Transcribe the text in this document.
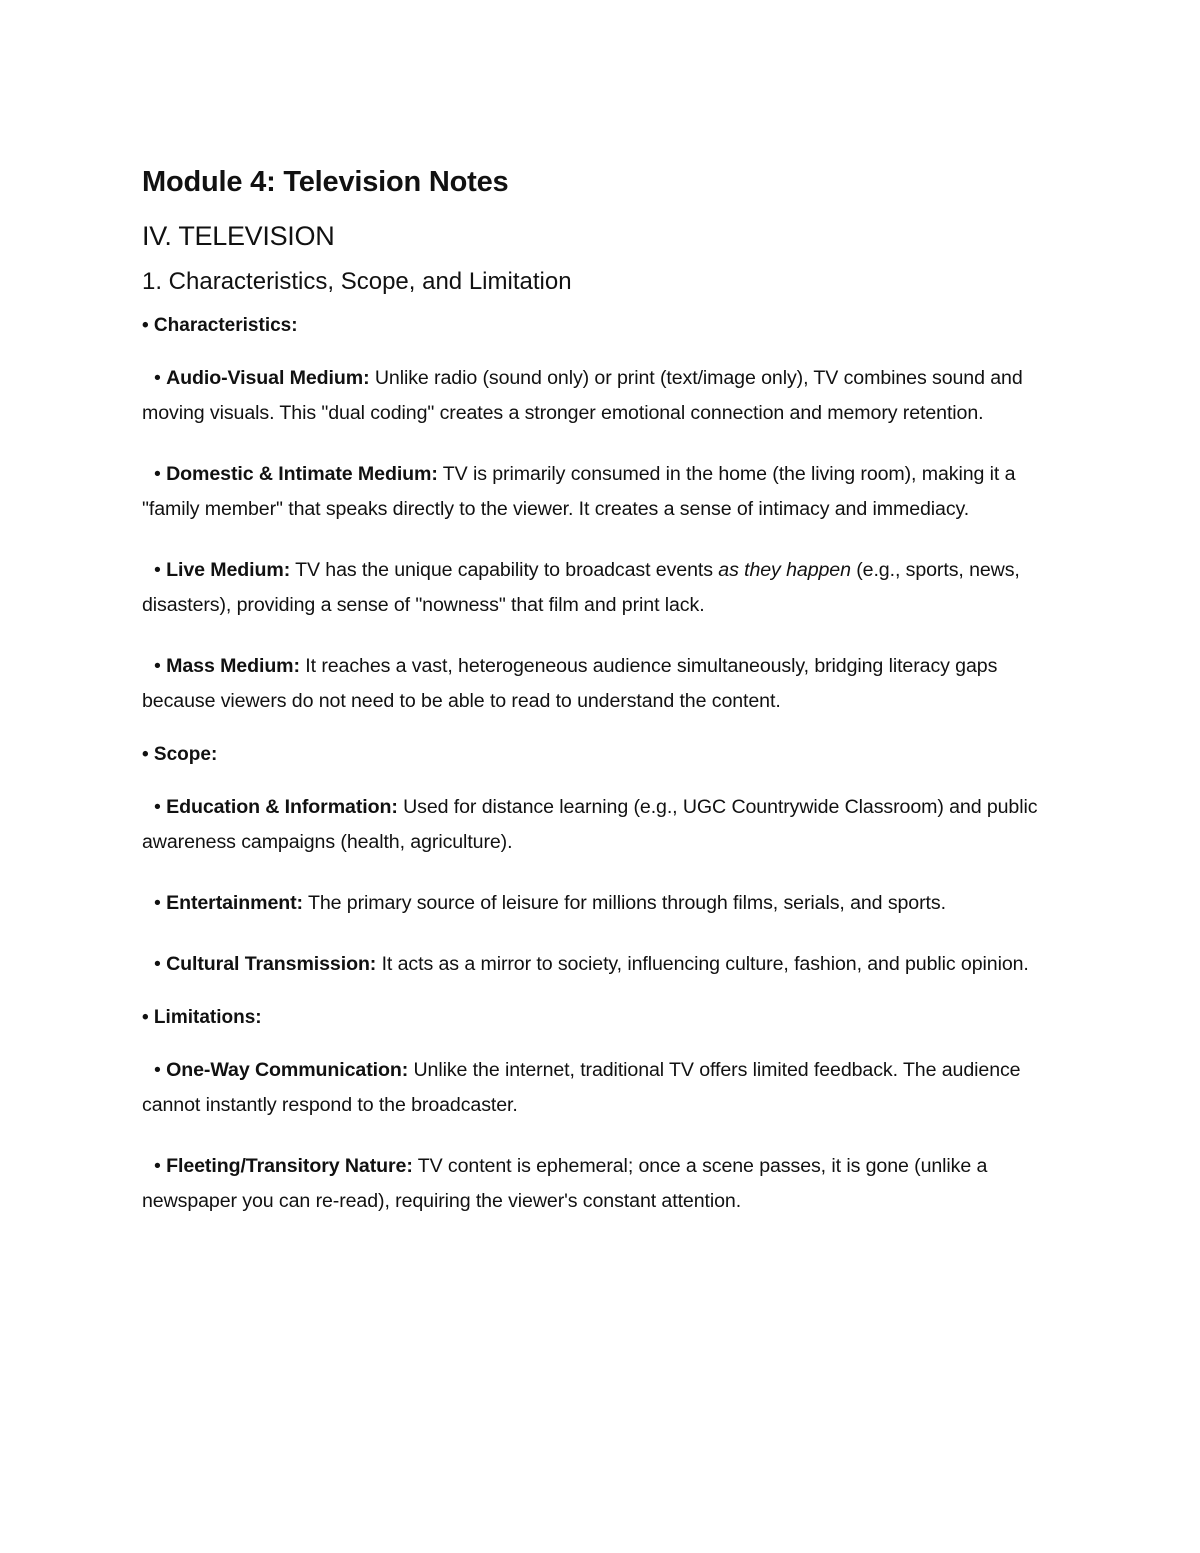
Module 4: Television Notes
IV. TELEVISION
1. Characteristics, Scope, and Limitation

• Characteristics:

• Audio-Visual Medium: Unlike radio (sound only) or print (text/image only), TV combines sound and moving visuals. This "dual coding" creates a stronger emotional connection and memory retention.

• Domestic & Intimate Medium: TV is primarily consumed in the home (the living room), making it a "family member" that speaks directly to the viewer. It creates a sense of intimacy and immediacy.

• Live Medium: TV has the unique capability to broadcast events as they happen (e.g., sports, news, disasters), providing a sense of "nowness" that film and print lack.

• Mass Medium: It reaches a vast, heterogeneous audience simultaneously, bridging literacy gaps because viewers do not need to be able to read to understand the content.

• Scope:

• Education & Information: Used for distance learning (e.g., UGC Countrywide Classroom) and public awareness campaigns (health, agriculture).

• Entertainment: The primary source of leisure for millions through films, serials, and sports.

• Cultural Transmission: It acts as a mirror to society, influencing culture, fashion, and public opinion.

• Limitations:

• One-Way Communication: Unlike the internet, traditional TV offers limited feedback. The audience cannot instantly respond to the broadcaster.

• Fleeting/Transitory Nature: TV content is ephemeral; once a scene passes, it is gone (unlike a newspaper you can re-read), requiring the viewer's constant attention.
